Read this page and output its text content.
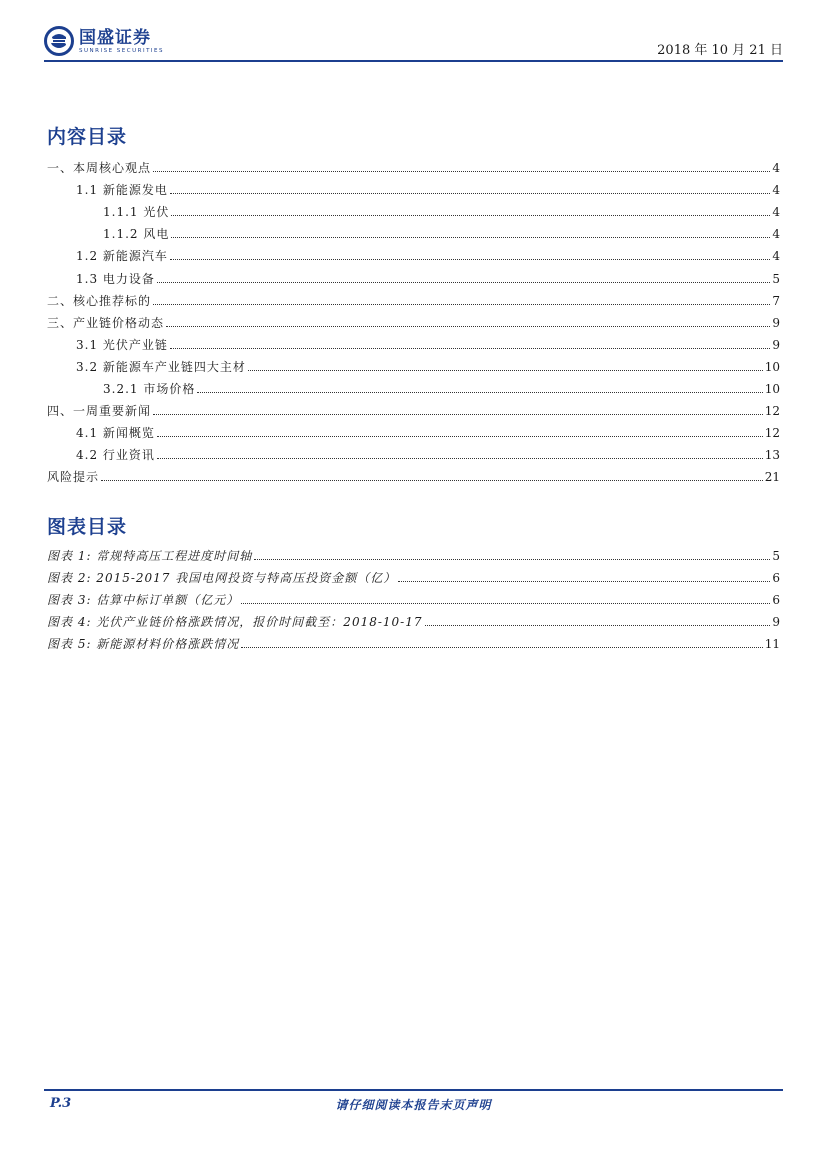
国盛证券
SUNRISE SECURITIES	2018 年 10 月 21 日
内容目录
一、本周核心观点	4
1.1 新能源发电	4
1.1.1 光伏	4
1.1.2 风电	4
1.2 新能源汽车	4
1.3 电力设备	5
二、核心推荐标的	7
三、产业链价格动态	9
3.1 光伏产业链	9
3.2 新能源车产业链四大主材	10
3.2.1 市场价格	10
四、一周重要新闻	12
4.1 新闻概览	12
4.2 行业资讯	13
风险提示	21
图表目录
图表 1: 常规特高压工程进度时间轴	5
图表 2: 2015-2017 我国电网投资与特高压投资金额（亿）	6
图表 3: 估算中标订单额（亿元）	6
图表 4: 光伏产业链价格涨跌情况，报价时间截至：2018-10-17	9
图表 5: 新能源材料价格涨跌情况	11
P.3	请仔细阅读本报告末页声明
